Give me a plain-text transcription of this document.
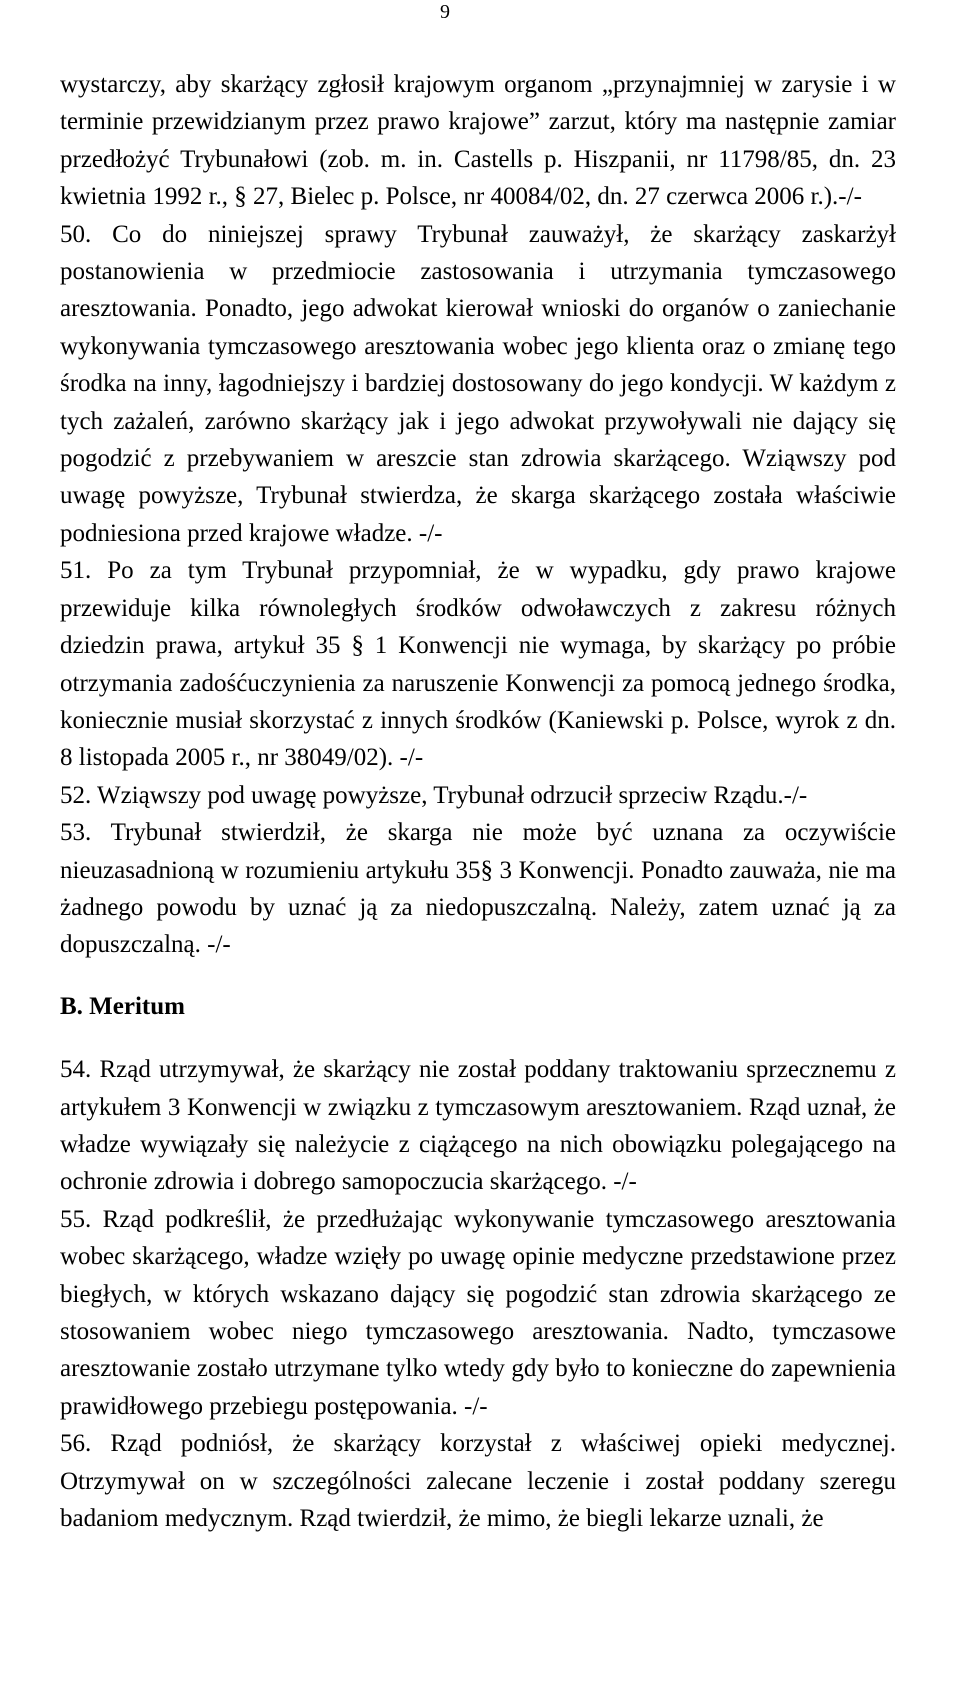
9

wystarczy, aby skarżący zgłosił krajowym organom „przynajmniej w zarysie i w terminie przewidzianym przez prawo krajowe” zarzut, który ma następnie zamiar przedłożyć Trybunałowi (zob. m. in. Castells p. Hiszpanii, nr 11798/85, dn. 23 kwietnia 1992 r., § 27, Bielec p. Polsce, nr 40084/02, dn. 27 czerwca 2006 r.).-/-

50. Co do niniejszej sprawy Trybunał zauważył, że skarżący zaskarżył postanowienia w przedmiocie zastosowania i utrzymania tymczasowego aresztowania. Ponadto, jego adwokat kierował wnioski do organów o zaniechanie wykonywania tymczasowego aresztowania wobec jego klienta oraz o zmianę tego środka na inny, łagodniejszy i bardziej dostosowany do jego kondycji. W każdym z tych zażaleń, zarówno skarżący jak i jego adwokat przywoływali nie dający się pogodzić z przebywaniem w areszcie stan zdrowia skarżącego. Wziąwszy pod uwagę powyższe, Trybunał stwierdza, że skarga skarżącego została właściwie podniesiona przed krajowe władze. -/-

51. Po za tym Trybunał przypomniał, że w wypadku, gdy prawo krajowe przewiduje kilka równoległych środków odwoławczych z zakresu różnych dziedzin prawa, artykuł 35 § 1 Konwencji nie wymaga, by skarżący po próbie otrzymania zadośćuczynienia za naruszenie Konwencji za pomocą jednego środka, koniecznie musiał skorzystać z innych środków (Kaniewski p. Polsce, wyrok z dn. 8 listopada 2005 r., nr 38049/02). -/-

52. Wziąwszy pod uwagę powyższe, Trybunał odrzucił sprzeciw Rządu.-/-

53. Trybunał stwierdził, że skarga nie może być uznana za oczywiście nieuzasadnioną w rozumieniu artykułu 35§ 3 Konwencji. Ponadto zauważa, nie ma żadnego powodu by uznać ją za niedopuszczalną. Należy, zatem uznać ją za dopuszczalną. -/-

B. Meritum

54. Rząd utrzymywał, że skarżący nie został poddany traktowaniu sprzecznemu z artykułem 3 Konwencji w związku z tymczasowym aresztowaniem. Rząd uznał, że władze wywiązały się należycie z ciążącego na nich obowiązku polegającego na ochronie zdrowia i dobrego samopoczucia skarżącego. -/-

55. Rząd podkreślił, że przedłużając wykonywanie tymczasowego aresztowania wobec skarżącego, władze wzięły po uwagę opinie medyczne przedstawione przez biegłych, w których wskazano dający się pogodzić stan zdrowia skarżącego ze stosowaniem wobec niego tymczasowego aresztowania. Nadto, tymczasowe aresztowanie zostało utrzymane tylko wtedy gdy było to konieczne do zapewnienia prawidłowego przebiegu postępowania. -/-

56. Rząd podniósł, że skarżący korzystał z właściwej opieki medycznej. Otrzymywał on w szczególności zalecane leczenie i został poddany szeregu badaniom medycznym. Rząd twierdził, że mimo, że biegli lekarze uznali, że
